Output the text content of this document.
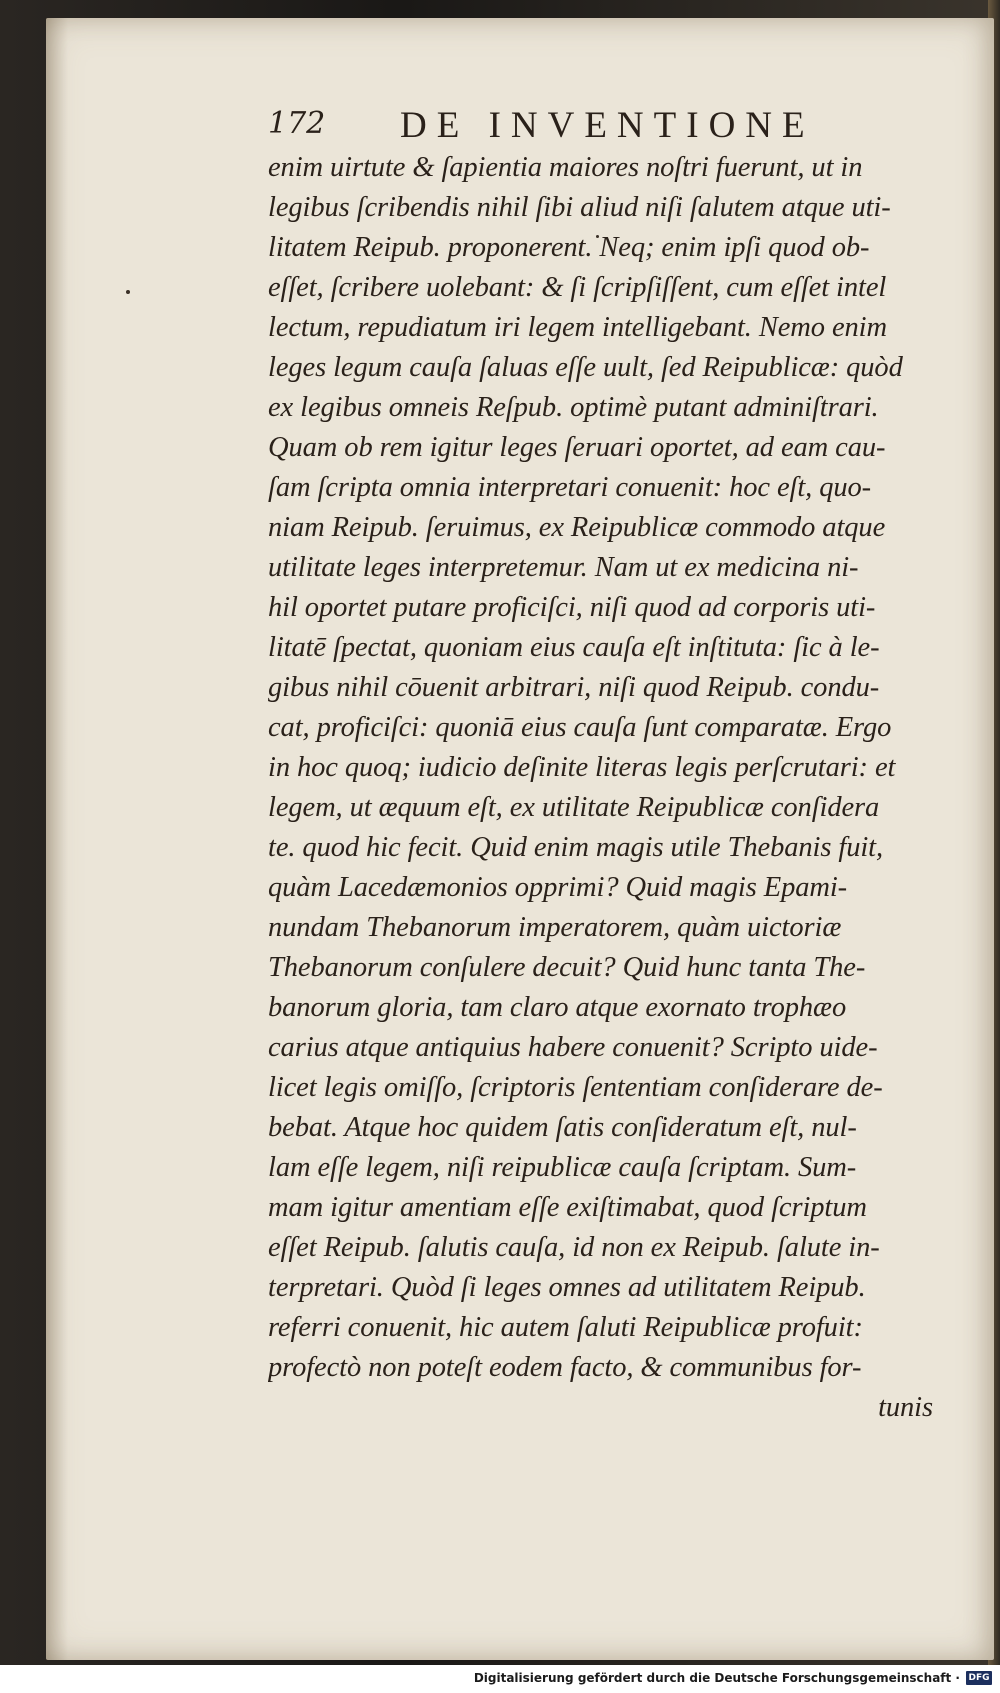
172 DE INVENTIONE
enim uirtute & ſapientia maiores noſtri fuerunt, ut in
legibus ſcribendis nihil ſibi aliud niſi ſalutem atque uti-
litatem Reipub. proponerent. Neq; enim ipſi quod ob-
eſſet, ſcribere uolebant: & ſi ſcripſiſſent, cum eſſet intel
lectum, repudiatum iri legem intelligebant. Nemo enim
leges legum cauſa ſaluas eſſe uult, ſed Reipublicæ: quòd
ex legibus omneis Reſpub. optimè putant adminiſtrari.
Quam ob rem igitur leges ſeruari oportet, ad eam cau-
ſam ſcripta omnia interpretari conuenit: hoc eſt, quo-
niam Reipub. ſeruimus, ex Reipublicæ commodo atque
utilitate leges interpretemur. Nam ut ex medicina ni-
hil oportet putare proficiſci, niſi quod ad corporis uti-
litatē ſpectat, quoniam eius cauſa eſt inſtituta: ſic à le-
gibus nihil cōuenit arbitrari, niſi quod Reipub. condu-
cat, proficiſci: quoniā eius cauſa ſunt comparatæ. Ergo
in hoc quoq; iudicio deſinite literas legis perſcrutari: et
legem, ut æquum eſt, ex utilitate Reipublicæ conſidera
te. quod hic fecit. Quid enim magis utile Thebanis fuit,
quàm Lacedæmonios opprimi? Quid magis Epami-
nundam Thebanorum imperatorem, quàm uictoriæ
Thebanorum conſulere decuit? Quid hunc tanta The-
banorum gloria, tam claro atque exornato trophæo
carius atque antiquius habere conuenit? Scripto uide-
licet legis omiſſo, ſcriptoris ſententiam conſiderare de-
bebat. Atque hoc quidem ſatis conſideratum eſt, nul-
lam eſſe legem, niſi reipublicæ cauſa ſcriptam. Sum-
mam igitur amentiam eſſe exiſtimabat, quod ſcriptum
eſſet Reipub. ſalutis cauſa, id non ex Reipub. ſalute in-
terpretari. Quòd ſi leges omnes ad utilitatem Reipub.
referri conuenit, hic autem ſaluti Reipublicæ profuit:
profectò non poteſt eodem facto, & communibus for-
tunis
Digitalisierung gefördert durch die Deutsche Forschungsgemeinschaft · DFG
